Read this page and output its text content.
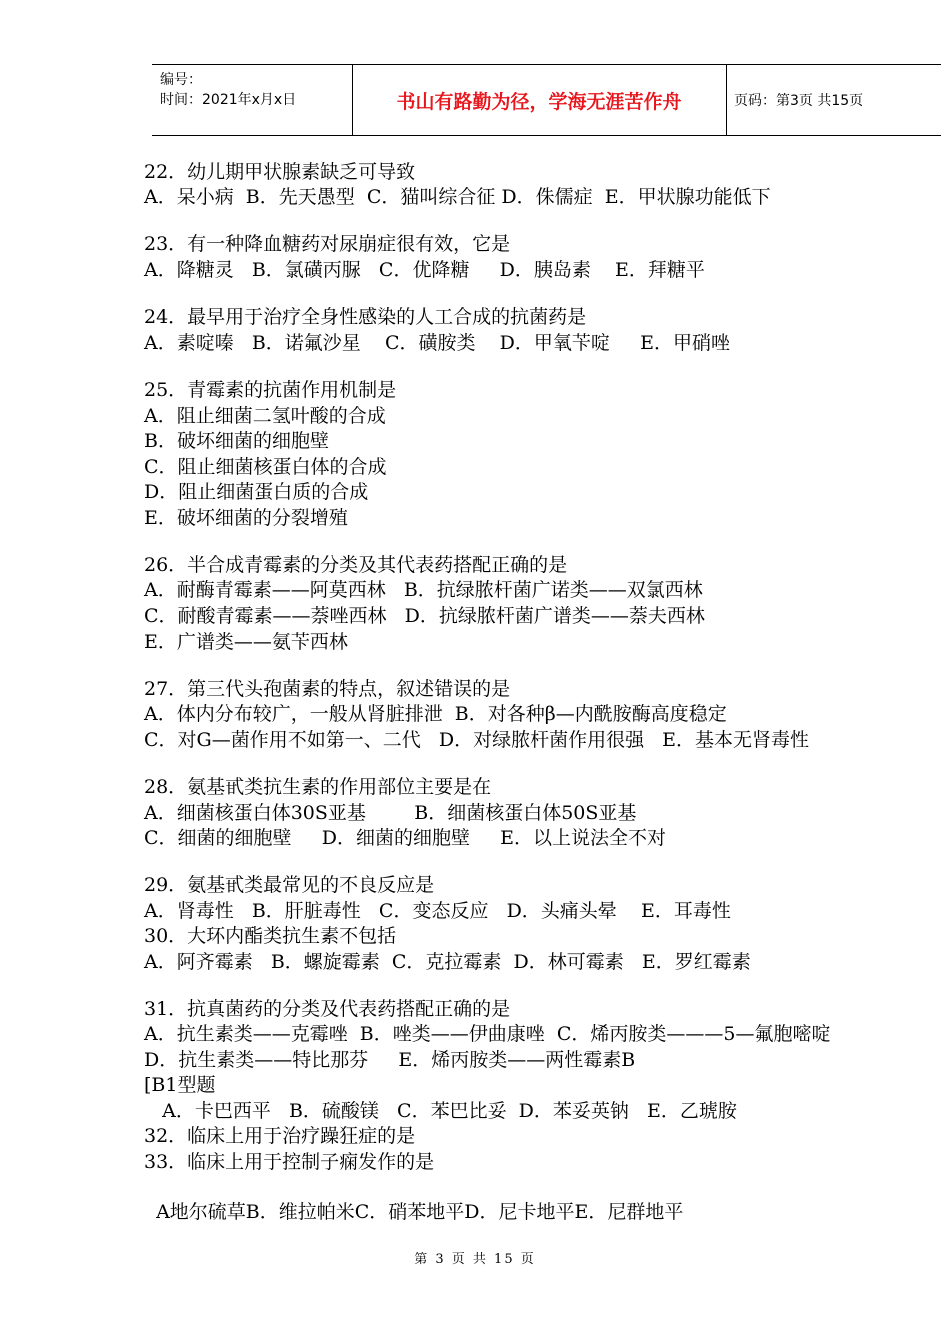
编号：
时间：2021年x月x日	书山有路勤为径，学海无涯苦作舟	页码：第3页 共15页
22．幼儿期甲状腺素缺乏可导致
A．呆小病  B．先天愚型  C．猫叫综合征 D．侏儒症  E．甲状腺功能低下
23．有一种降血糖药对尿崩症很有效，它是
A．降糖灵   B．氯磺丙脲   C．优降糖     D．胰岛素    E．拜糖平
24．最早用于治疗全身性感染的人工合成的抗菌药是
A．素啶嗪   B．诺氟沙星    C．磺胺类    D．甲氧苄啶     E．甲硝唑
25．青霉素的抗菌作用机制是
A．阻止细菌二氢叶酸的合成
B．破坏细菌的细胞壁
C．阻止细菌核蛋白体的合成
D．阻止细菌蛋白质的合成
E．破坏细菌的分裂增殖
26．半合成青霉素的分类及其代表药搭配正确的是
A．耐酶青霉素——阿莫西林   B．抗绿脓杆菌广诺类——双氯西林
C．耐酸青霉素——萘唑西林   D．抗绿脓杆菌广谱类——萘夫西林
E．广谱类——氨苄西林
27．第三代头孢菌素的特点，叙述错误的是
A．体内分布较广，一般从肾脏排泄  B．对各种β—内酰胺酶高度稳定
C．对G—菌作用不如第一、二代   D．对绿脓杆菌作用很强   E．基本无肾毒性
28．氨基甙类抗生素的作用部位主要是在
A．细菌核蛋白体30S亚基        B．细菌核蛋白体50S亚基
C．细菌的细胞壁     D．细菌的细胞壁     E．以上说法全不对
29．氨基甙类最常见的不良反应是
A．肾毒性   B．肝脏毒性   C．变态反应   D．头痛头晕    E．耳毒性
30．大环内酯类抗生素不包括
A．阿齐霉素   B．螺旋霉素  C．克拉霉素  D．林可霉素   E．罗红霉素
31．抗真菌药的分类及代表药搭配正确的是
A．抗生素类——克霉唑  B．唑类——伊曲康唑  C．烯丙胺类———5—氟胞嘧啶
D．抗生素类——特比那芬     E．烯丙胺类——两性霉素B
[B1型题
A．卡巴西平   B．硫酸镁   C．苯巴比妥  D．苯妥英钠   E．乙琥胺
32．临床上用于治疗躁狂症的是
33．临床上用于控制子痫发作的是
A地尔硫草B．维拉帕米C．硝苯地平D．尼卡地平E．尼群地平
第 3 页 共 15 页
